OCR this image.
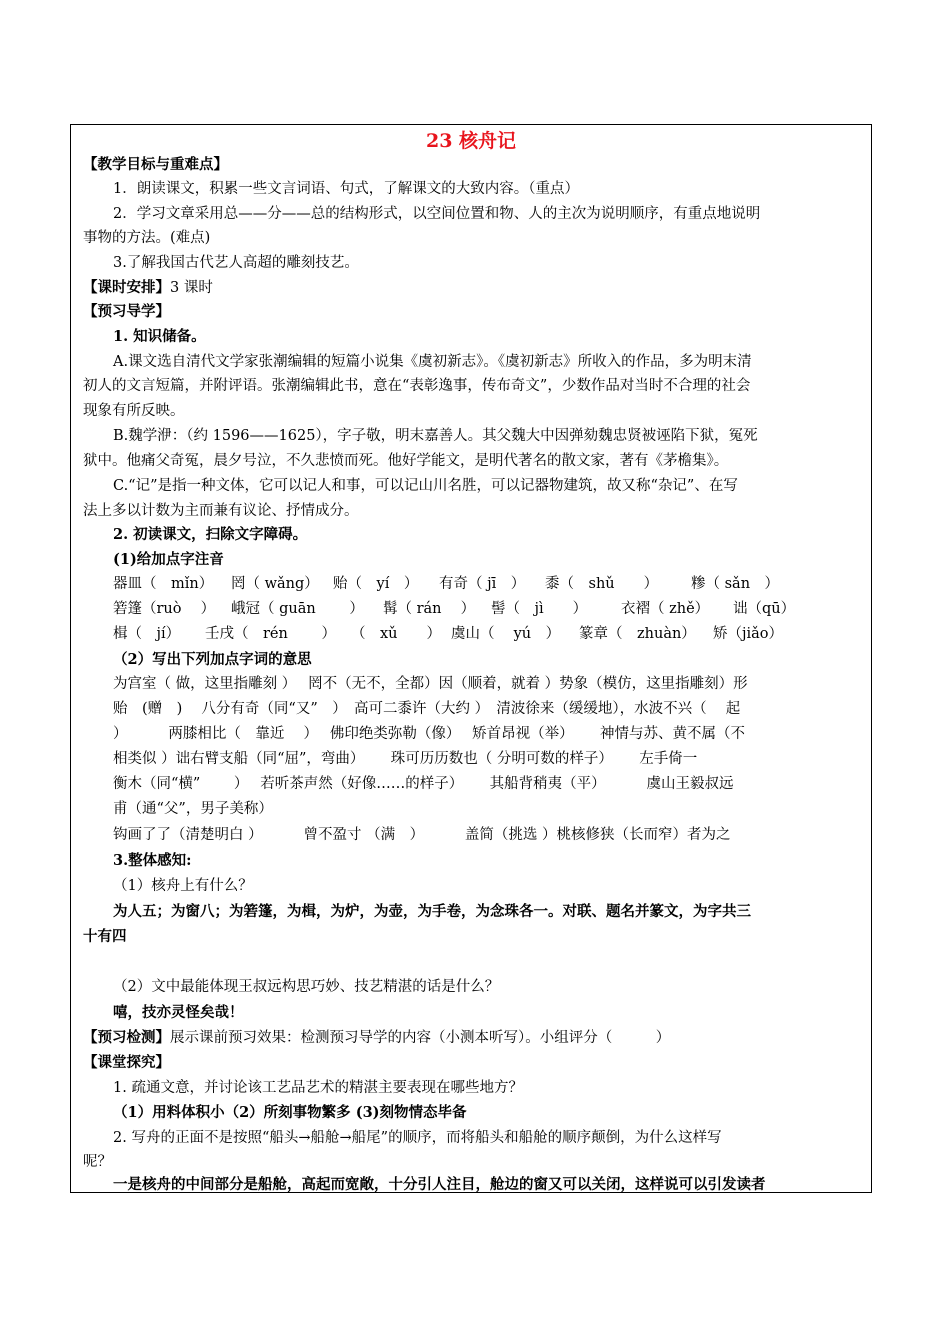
23 核舟记
【教学目标与重难点】
1．朗读课文，积累一些文言词语、句式，了解课文的大致内容。（重点）
2．学习文章采用总——分——总的结构形式，以空间位置和物、人的主次为说明顺序，有重点地说明
事物的方法。(难点)
3.了解我国古代艺人高超的雕刻技艺。
【课时安排】3 课时
【预习导学】
1. 知识储备。
A.课文选自清代文学家张潮编辑的短篇小说集《虞初新志》。《虞初新志》所收入的作品，多为明末清
初人的文言短篇，并附评语。张潮编辑此书，意在“表彰逸事，传布奇文”，少数作品对当时不合理的社会
现象有所反映。
B.魏学洢：（约 1596——1625），字子敬，明末嘉善人。其父魏大中因弹劾魏忠贤被诬陷下狱，冤死
狱中。他痛父奇冤，晨夕号泣，不久悲愤而死。他好学能文，是明代著名的散文家，著有《茅檐集》。
C.“记”是指一种文体，它可以记人和事，可以记山川名胜，可以记器物建筑，故又称“杂记”、在写
法上多以计数为主而兼有议论、抒情成分。
2. 初读课文，扫除文字障碍。
(1)给加点字注音
器皿（　mǐn） 罔（ wǎng） 贻（　yí　） 有奇（ jī　） 黍（　shǔ　　） 糁（ sǎn　）
箬篷（ruò　 ） 峨冠（ guān　　 ） 髯（ rán　 ） 髻（　jì　　） 衣褶（ zhě） 诎（qū）
楫（　jí） 壬戌（　rén　　 ） （　xǔ　　） 虞山（　 yú　） 篆章（　zhuàn） 矫（jiǎo）
（2）写出下列加点字词的意思
为宫室（ 做，这里指雕刻 ）　 罔不（无不，全都）因（顺着，就着 ）势象（模仿，这里指雕刻）形
贻　(赠　)　 八分有奇（同“又”　）　高可二黍许（大约 ）　清波徐来（缓缓地），水波不兴（　 起
）　　　 两膝相比（　靠近　 ）　 佛印绝类弥勒（像）　 矫首昂视（举）　　 神情与苏、黄不属（不
相类似 ）诎右臂支船（同“屈”，弯曲）　　 珠可历历数也（ 分明可数的样子）　　 左手倚一
衡木（同“横”　　 ）　 若听茶声然（好像……的样子）　　 其船背稍夷（平）　　　 虞山王毅叔远
甫（通“父”，男子美称）
钩画了了（清楚明白 ）　　　 曾不盈寸 （满　）　　　 盖简（挑选 ）桃核修狭（长而窄）者为之
3.整体感知:
（1）核舟上有什么？
为人五；为窗八；为箬篷，为楫，为炉，为壶，为手卷，为念珠各一。对联、题名并篆文，为字共三
十有四
（2）文中最能体现王叔远构思巧妙、技艺精湛的话是什么？
嘻，技亦灵怪矣哉！
【预习检测】展示课前预习效果：检测预习导学的内容（小测本听写）。小组评分（　　　）
【课堂探究】
1. 疏通文意，并讨论该工艺品艺术的精湛主要表现在哪些地方？
（1）用料体积小（2）所刻事物繁多 (3)刻物情态毕备
2. 写舟的正面不是按照“船头→船舱→船尾”的顺序，而将船头和船舱的顺序颠倒，为什么这样写
呢？
一是核舟的中间部分是船舱，高起而宽敞，十分引人注目，舱边的窗又可以关闭，这样说可以引发读者
